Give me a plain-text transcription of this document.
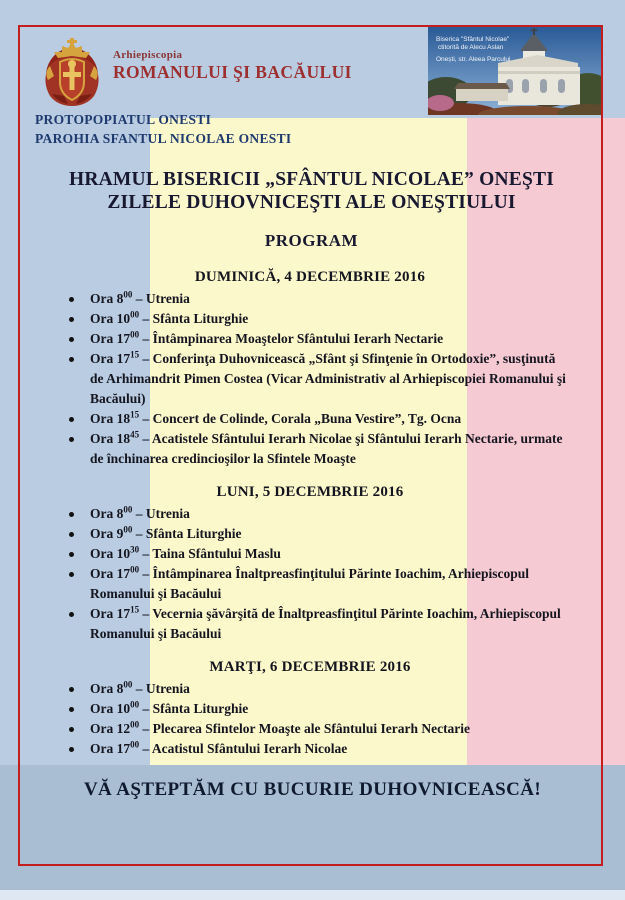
Arhiepiscopia
ROMANULUI ŞI BACĂULUI
Biserica "Sfântul Nicolae"
ctitorită de Alecu Aslan
Onești, str. Aleea Parcului
PROTOPOPIATUL ONESTI
PAROHIA SFANTUL NICOLAE ONESTI
HRAMUL BISERICII „SFÂNTUL NICOLAE” ONEŞTI
ZILELE DUHOVNICEŞTI ALE ONEŞTIULUI
PROGRAM
DUMINICĂ, 4 DECEMBRIE 2016
Ora $8^{00}$ – Utrenia
Ora $10^{00}$ – Sfânta Liturghie
Ora $17^{00}$ – Întâmpinarea Moaştelor Sfântului Ierarh Nectarie
Ora $17^{15}$ – Conferinţa Duhovnicească „Sfânt şi Sfinţenie în Ortodoxie”, susţinută de Arhimandrit Pimen Costea (Vicar Administrativ al Arhiepiscopiei Romanului şi Bacăului)
Ora $18^{15}$ – Concert de Colinde, Corala „Buna Vestire”, Tg. Ocna
Ora $18^{45}$ – Acatistele Sfântului Ierarh Nicolae şi Sfântului Ierarh Nectarie, urmate de închinarea credincioşilor la Sfintele Moaşte
LUNI, 5 DECEMBRIE 2016
Ora $8^{00}$ – Utrenia
Ora $9^{00}$ – Sfânta Liturghie
Ora $10^{30}$ – Taina Sfântului Maslu
Ora $17^{00}$ – Întâmpinarea Înaltpreasfinţitului Părinte Ioachim, Arhiepiscopul Romanului şi Bacăului
Ora $17^{15}$ – Vecernia şăvârşită de Înaltpreasfinţitul Părinte Ioachim, Arhiepiscopul Romanului şi Bacăului
MARŢI, 6 DECEMBRIE 2016
Ora $8^{00}$ – Utrenia
Ora $10^{00}$ – Sfânta Liturghie
Ora $12^{00}$ – Plecarea Sfintelor Moaşte ale Sfântului Ierarh Nectarie
Ora $17^{00}$ – Acatistul Sfântului Ierarh Nicolae
VĂ AŞTEPTĂM CU BUCURIE DUHOVNICEASCĂ!
